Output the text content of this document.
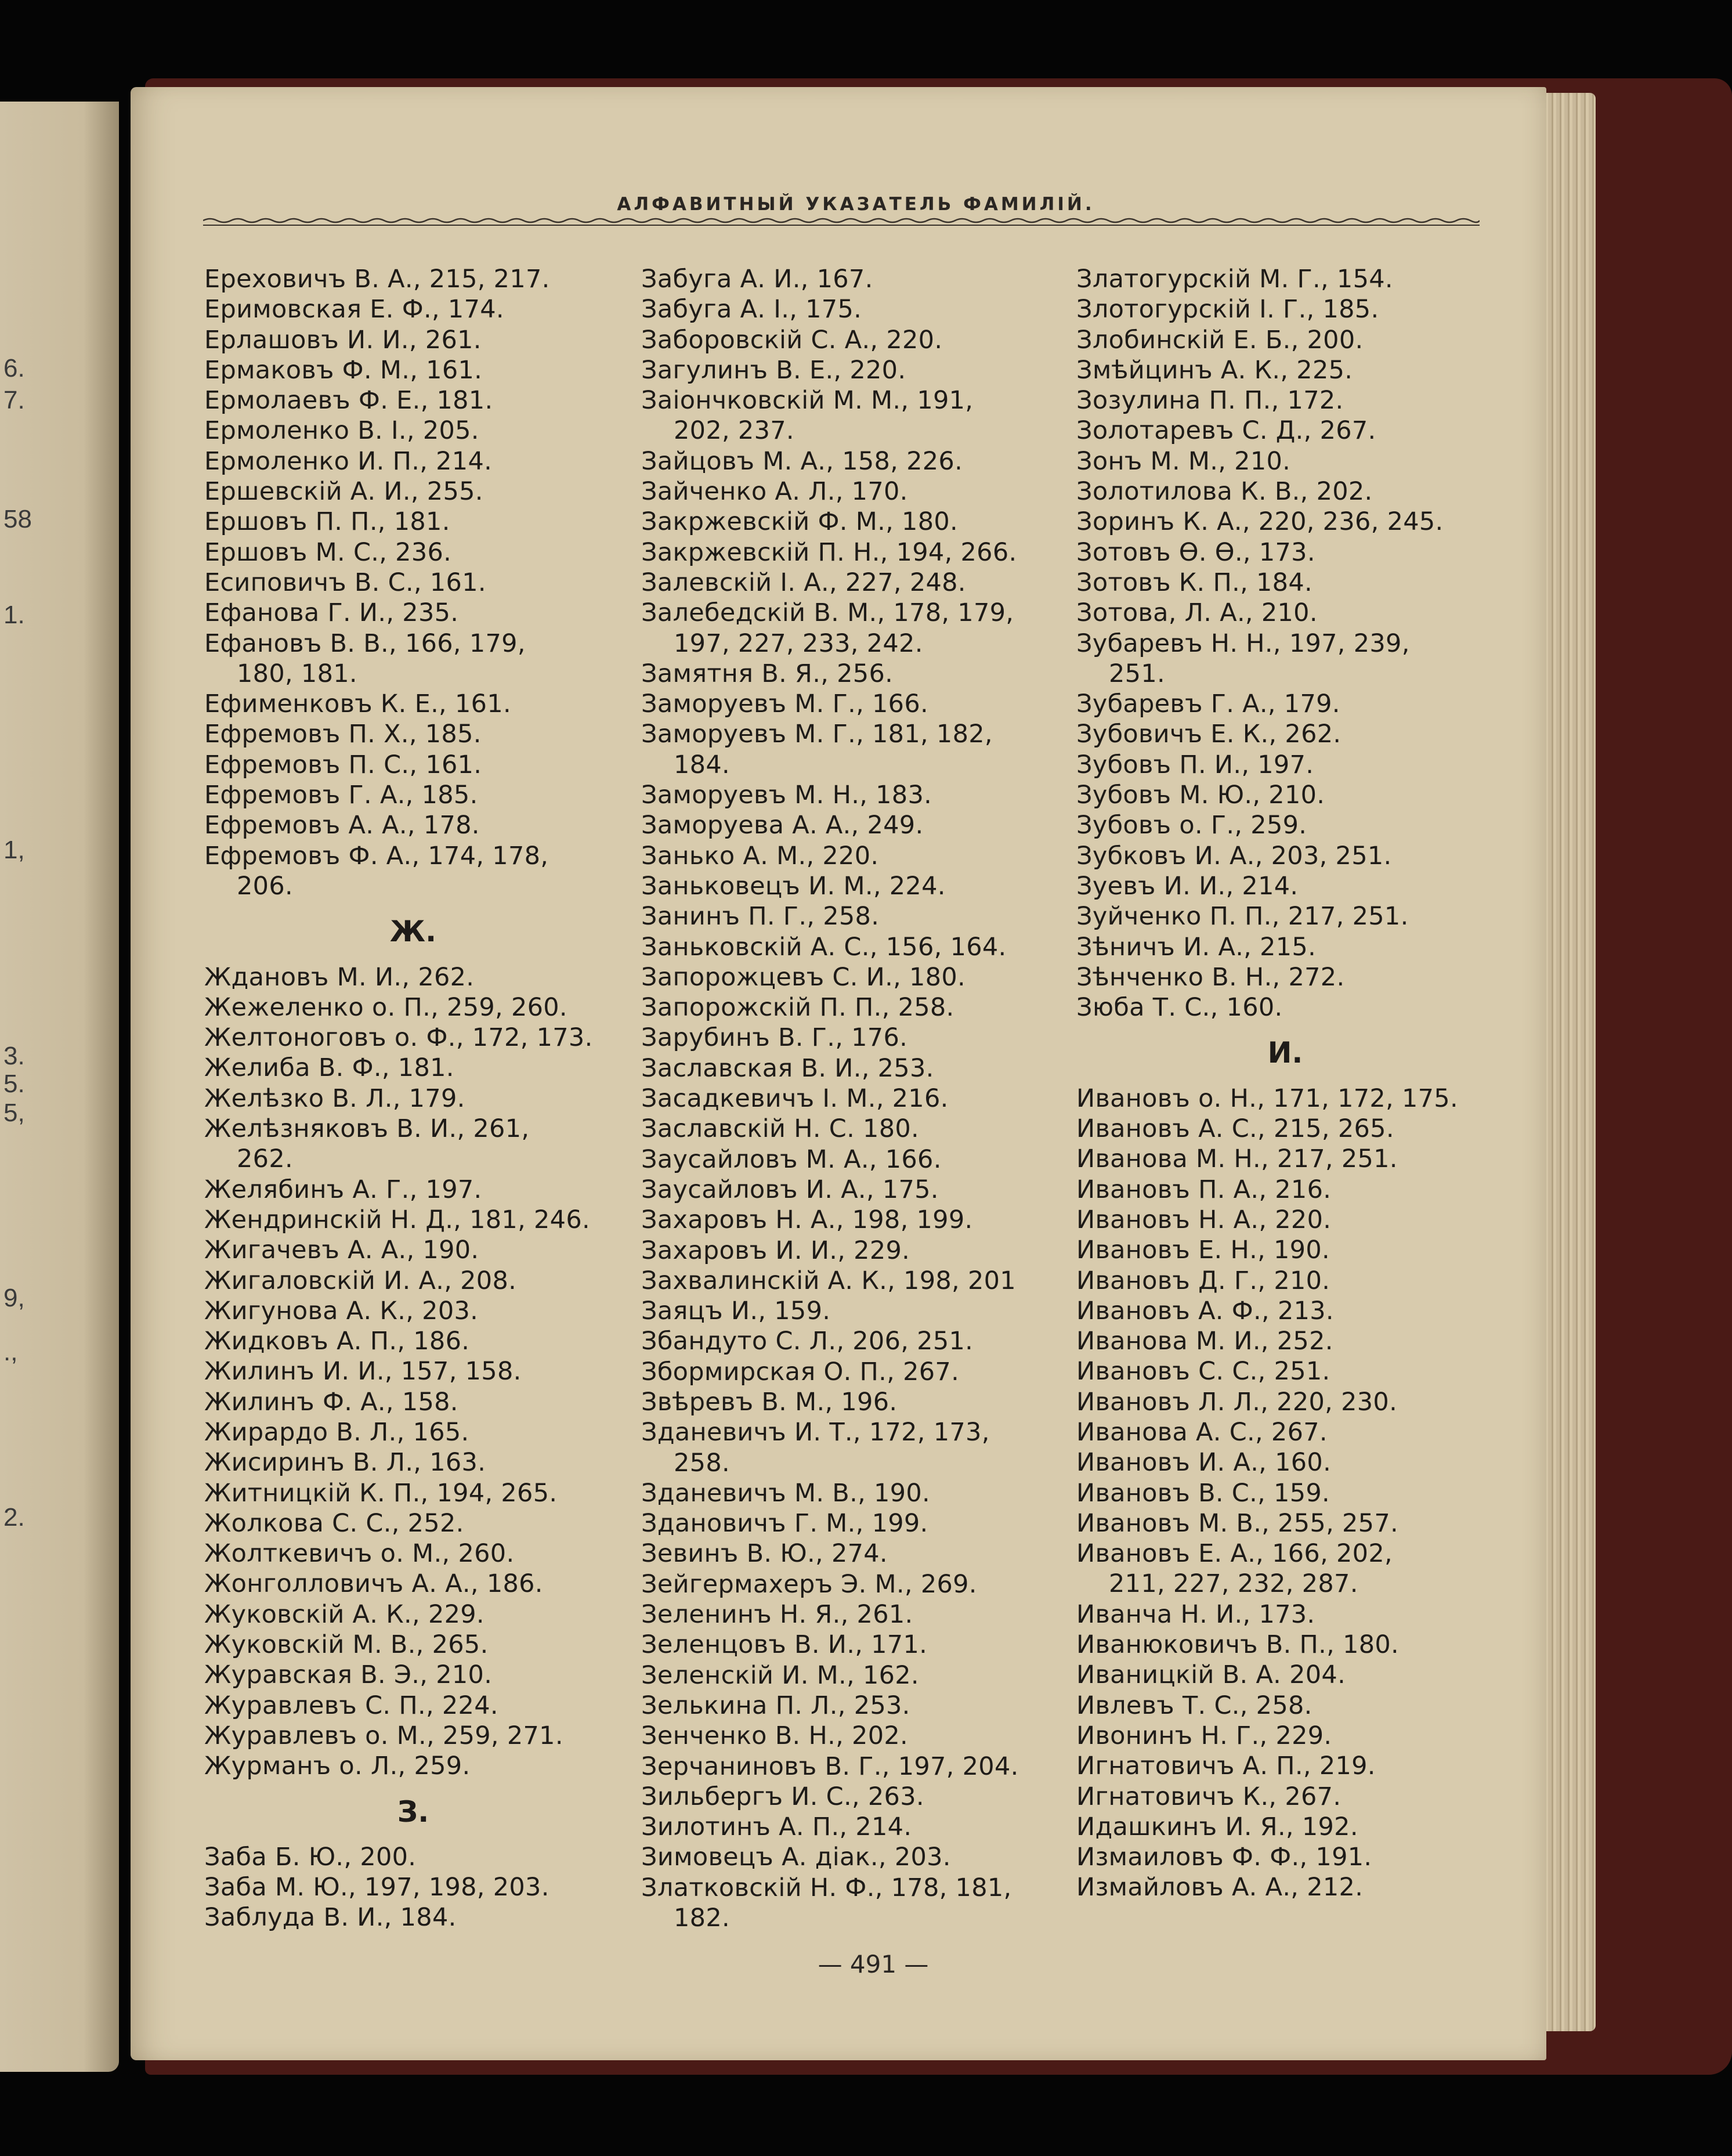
6.
7.
58
1.
1,
3.
5.
5,
9,
.,
2.
АЛФАВИТНЫЙ УКАЗАТЕЛЬ ФАМИЛІЙ.
Ереховичъ В. А., 215, 217.
Еримовская Е. Ф., 174.
Ерлашовъ И. И., 261.
Ермаковъ Ф. М., 161.
Ермолаевъ Ф. Е., 181.
Ермоленко В. І., 205.
Ермоленко И. П., 214.
Ершевскій А. И., 255.
Ершовъ П. П., 181.
Ершовъ М. С., 236.
Есиповичъ В. С., 161.
Ефанова Г. И., 235.
Ефановъ В. В., 166, 179,
180, 181.
Ефименковъ К. Е., 161.
Ефремовъ П. Х., 185.
Ефремовъ П. С., 161.
Ефремовъ Г. А., 185.
Ефремовъ А. А., 178.
Ефремовъ Ф. А., 174, 178,
206.
Ж.
Ждановъ М. И., 262.
Жежеленко о. П., 259, 260.
Желтоноговъ о. Ф., 172, 173.
Желиба В. Ф., 181.
Желѣзко В. Л., 179.
Желѣзняковъ В. И., 261,
262.
Желябинъ А. Г., 197.
Жендринскій Н. Д., 181, 246.
Жигачевъ А. А., 190.
Жигаловскій И. А., 208.
Жигунова А. К., 203.
Жидковъ А. П., 186.
Жилинъ И. И., 157, 158.
Жилинъ Ф. А., 158.
Жирардо В. Л., 165.
Жисиринъ В. Л., 163.
Житницкій К. П., 194, 265.
Жолкова С. С., 252.
Жолткевичъ о. М., 260.
Жонголловичъ А. А., 186.
Жуковскій А. К., 229.
Жуковскій М. В., 265.
Журавская В. Э., 210.
Журавлевъ С. П., 224.
Журавлевъ о. М., 259, 271.
Журманъ о. Л., 259.
З.
Заба Б. Ю., 200.
Заба М. Ю., 197, 198, 203.
Заблуда В. И., 184.
Забуга А. И., 167.
Забуга А. І., 175.
Заборовскій С. А., 220.
Загулинъ В. Е., 220.
Заіончковскій М. М., 191,
202, 237.
Зайцовъ М. А., 158, 226.
Зайченко А. Л., 170.
Закржевскій Ф. М., 180.
Закржевскій П. Н., 194, 266.
Залевскій І. А., 227, 248.
Залебедскій В. М., 178, 179,
197, 227, 233, 242.
Замятня В. Я., 256.
Заморуевъ М. Г., 166.
Заморуевъ М. Г., 181, 182,
184.
Заморуевъ М. Н., 183.
Заморуева А. А., 249.
Занько А. М., 220.
Заньковецъ И. М., 224.
Занинъ П. Г., 258.
Заньковскій А. С., 156, 164.
Запорожцевъ С. И., 180.
Запорожскій П. П., 258.
Зарубинъ В. Г., 176.
Заславская В. И., 253.
Засадкевичъ І. М., 216.
Заславскій Н. С. 180.
Заусайловъ М. А., 166.
Заусайловъ И. А., 175.
Захаровъ Н. А., 198, 199.
Захаровъ И. И., 229.
Захвалинскій А. К., 198, 201
Заяцъ И., 159.
Збандуто С. Л., 206, 251.
Збормирская О. П., 267.
Звѣревъ В. М., 196.
Зданевичъ И. Т., 172, 173,
258.
Зданевичъ М. В., 190.
Здановичъ Г. М., 199.
Зевинъ В. Ю., 274.
Зейгермахеръ Э. М., 269.
Зеленинъ Н. Я., 261.
Зеленцовъ В. И., 171.
Зеленскій И. М., 162.
Зелькина П. Л., 253.
Зенченко В. Н., 202.
Зерчаниновъ В. Г., 197, 204.
Зильбергъ И. С., 263.
Зилотинъ А. П., 214.
Зимовецъ А. діак., 203.
Златковскій Н. Ф., 178, 181,
182.
Златогурскій М. Г., 154.
Злотогурскій І. Г., 185.
Злобинскій Е. Б., 200.
Змѣйцинъ А. К., 225.
Зозулина П. П., 172.
Золотаревъ С. Д., 267.
Зонъ М. М., 210.
Золотилова К. В., 202.
Зоринъ К. А., 220, 236, 245.
Зотовъ Ѳ. Ѳ., 173.
Зотовъ К. П., 184.
Зотова, Л. А., 210.
Зубаревъ Н. Н., 197, 239,
251.
Зубаревъ Г. А., 179.
Зубовичъ Е. К., 262.
Зубовъ П. И., 197.
Зубовъ М. Ю., 210.
Зубовъ о. Г., 259.
Зубковъ И. А., 203, 251.
Зуевъ И. И., 214.
Зуйченко П. П., 217, 251.
Зѣничъ И. А., 215.
Зѣнченко В. Н., 272.
Зюба Т. С., 160.
И.
Ивановъ о. Н., 171, 172, 175.
Ивановъ А. С., 215, 265.
Иванова М. Н., 217, 251.
Ивановъ П. А., 216.
Ивановъ Н. А., 220.
Ивановъ Е. Н., 190.
Ивановъ Д. Г., 210.
Ивановъ А. Ф., 213.
Иванова М. И., 252.
Ивановъ С. С., 251.
Ивановъ Л. Л., 220, 230.
Иванова А. С., 267.
Ивановъ И. А., 160.
Ивановъ В. С., 159.
Ивановъ М. В., 255, 257.
Ивановъ Е. А., 166, 202,
211, 227, 232, 287.
Иванча Н. И., 173.
Иванюковичъ В. П., 180.
Иваницкій В. А. 204.
Ивлевъ Т. С., 258.
Ивонинъ Н. Г., 229.
Игнатовичъ А. П., 219.
Игнатовичъ К., 267.
Идашкинъ И. Я., 192.
Измаиловъ Ф. Ф., 191.
Измайловъ А. А., 212.
— 491 —
